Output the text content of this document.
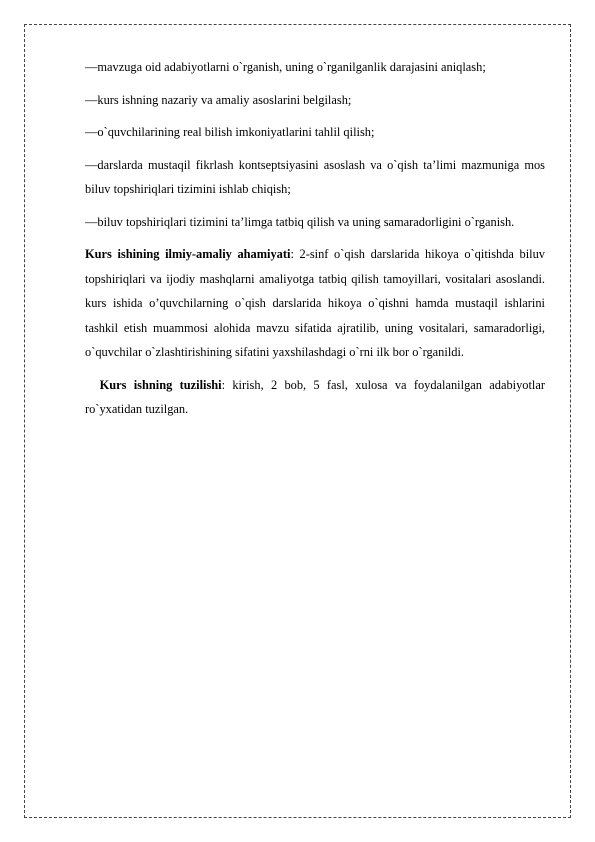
—mavzuga oid adabiyotlarni o`rganish, uning o`rganilganlik darajasini aniqlash;

—kurs ishning nazariy va amaliy asoslarini belgilash;

—o`quvchilarining real bilish imkoniyatlarini tahlil qilish;

—darslarda mustaqil fikrlash kontseptsiyasini asoslash va o`qish ta’limi mazmuniga mos biluv topshiriqlari tizimini ishlab chiqish;

—biluv topshiriqlari tizimini ta’limga tatbiq qilish va uning samaradorligini o`rganish.

Kurs ishining ilmiy-amaliy ahamiyati: 2-sinf o`qish darslarida hikoya o`qitishda biluv topshiriqlari va ijodiy mashqlarni amaliyotga tatbiq qilish tamoyillari, vositalari asoslandi. kurs ishida o’quvchilarning o`qish darslarida hikoya o`qishni hamda mustaqil ishlarini tashkil etish muammosi alohida mavzu sifatida ajratilib, uning vositalari, samaradorligi, o`quvchilar o`zlashtirishining sifatini yaxshilashdagi o`rni ilk bor o`rganildi.

Kurs ishning tuzilishi: kirish, 2 bob, 5 fasl, xulosa va foydalanilgan adabiyotlar ro`yxatidan tuzilgan.
